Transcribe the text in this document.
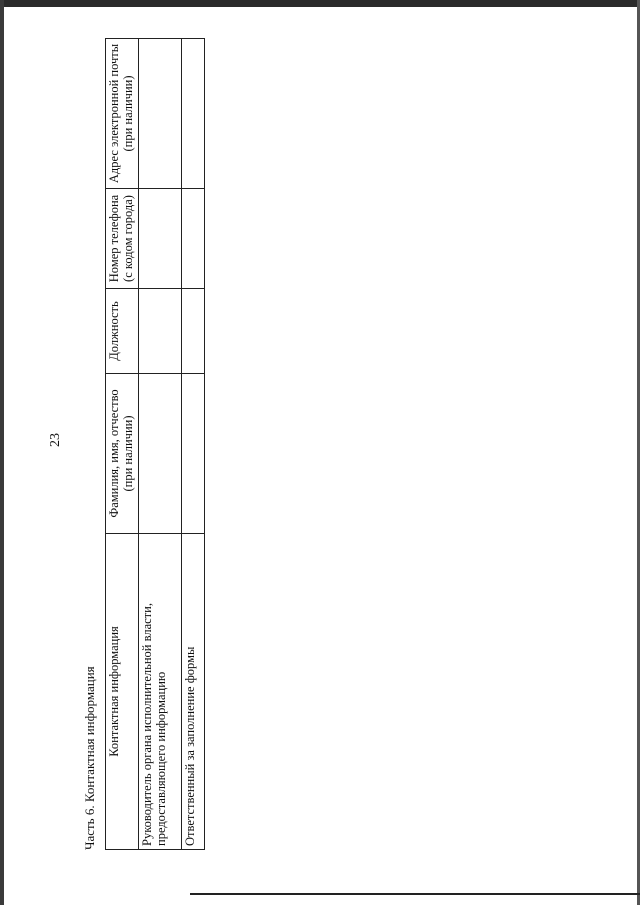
23
Часть 6. Контактная информация Контактная информация	Фамилия, имя, отчество (при наличии)	Должность	Номер телефона (с кодом города)	Адрес электронной почты (при наличии)
Руководитель органа исполнительной власти, предоставляющего информацию				
Ответственный за заполнение формы				
